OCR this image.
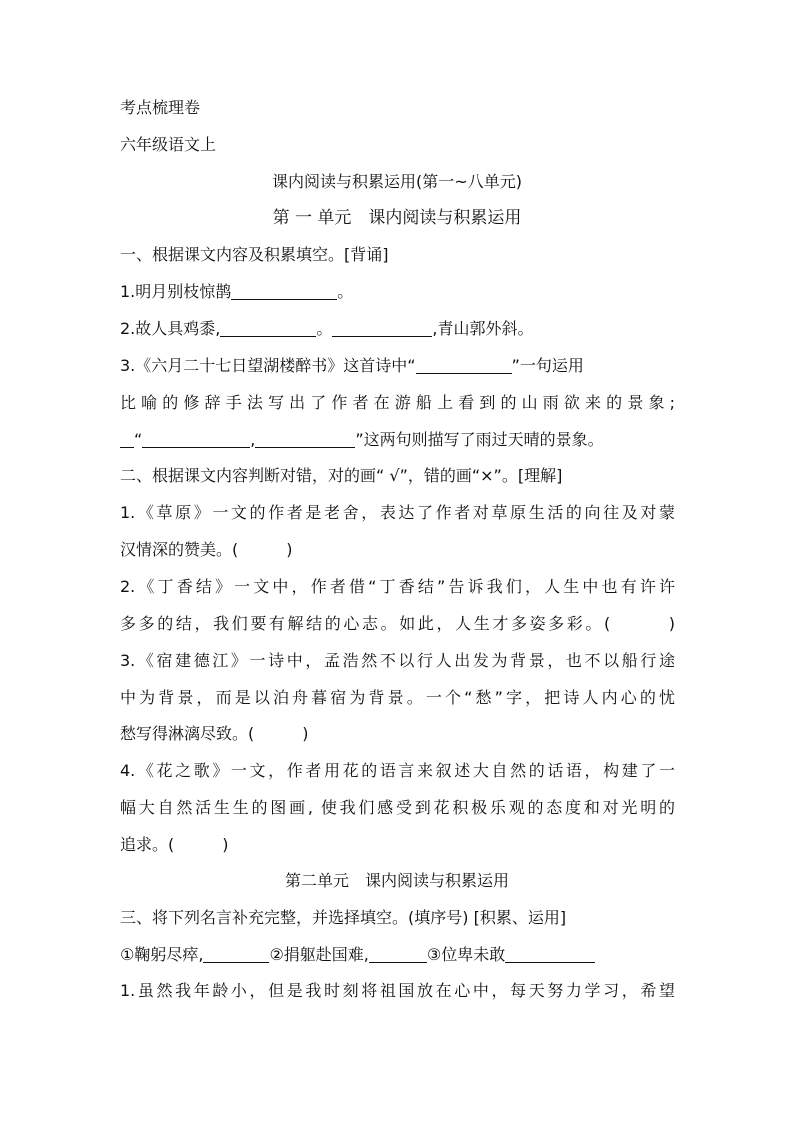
考点梳理卷
六年级语文上
课内阅读与积累运用(第一~八单元)
第 一 单元　课内阅读与积累运用
一、根据课文内容及积累填空。[背诵]
1.明月别枝惊鹊	。
2.故人具鸡黍,	。	,青山郭外斜。
3.《六月二十七日望湖楼醉书》这首诗中“	”一句运用
比喻的修辞手法写出了作者在游船上看到的山雨欲来的景象;
“	,	”这两句则描写了雨过天晴的景象。
二、根据课文内容判断对错，对的画“ √”，错的画“×”。[理解]
1.《草原》一文的作者是老舍，表达了作者对草原生活的向往及对蒙
汉情深的赞美。(　　　)
2.《丁香结》一文中，作者借“丁香结”告诉我们，人生中也有许许
多多的结，我们要有解结的心志。如此，人生才多姿多彩。(　　　)
3.《宿建德江》一诗中，孟浩然不以行人出发为背景，也不以船行途
中为背景，而是以泊舟暮宿为背景。一个“愁”字，把诗人内心的忧
愁写得淋漓尽致。(　　　)
4.《花之歌》一文，作者用花的语言来叙述大自然的话语，构建了一
幅大自然活生生的图画, 使我们感受到花积极乐观的态度和对光明的
追求。(　　　)
第二单元　课内阅读与积累运用
三、将下列名言补充完整，并选择填空。(填序号) [积累、运用]
①鞠躬尽瘁,	②捐躯赴国难,	③位卑未敢
1.虽然我年龄小，但是我时刻将祖国放在心中，每天努力学习，希望
